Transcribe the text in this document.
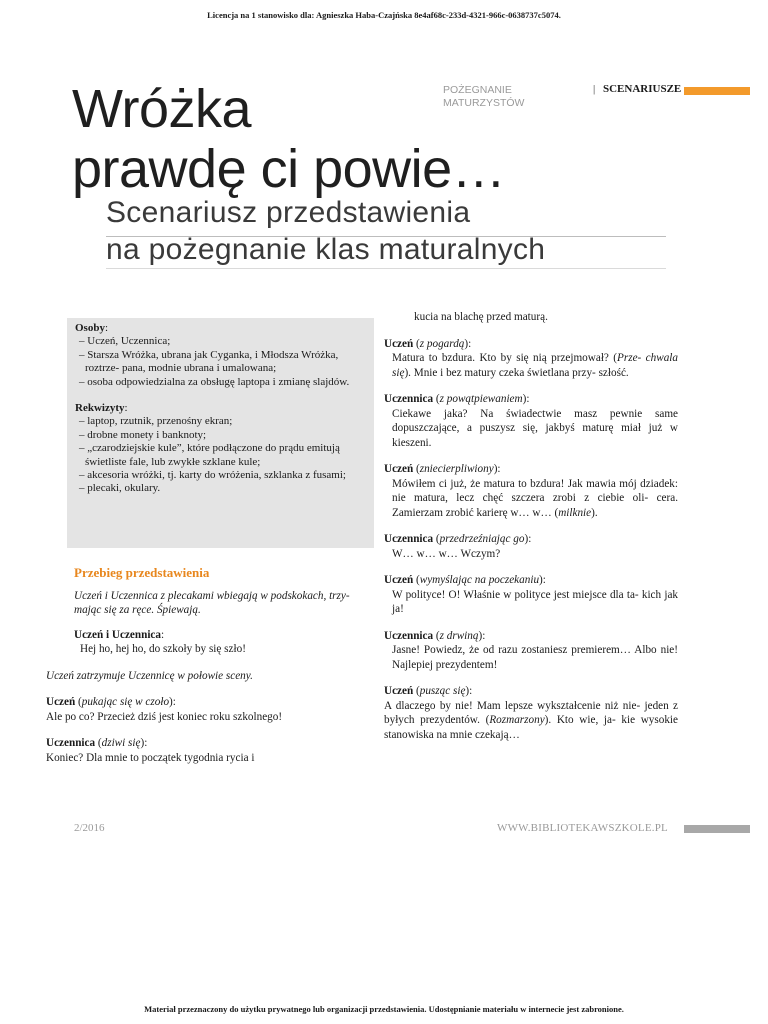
Licencja na 1 stanowisko dla: Agnieszka Haba-Czajńska 8e4af68c-233d-4321-966c-0638737c5074.
POŻEGNANIE
MATURZYSTÓW
| SCENARIUSZE
Wróżka
prawdę ci powie…
Scenariusz przedstawienia
na pożegnanie klas maturalnych
Osoby:
– Uczeń, Uczennica;
– Starsza Wróżka, ubrana jak Cyganka, i Młodsza Wróżka, roztrze- pana, modnie ubrana i umalowana;
– osoba odpowiedzialna za obsługę laptopa i zmianę slajdów.
Rekwizyty:
– laptop, rzutnik, przenośny ekran;
– drobne monety i banknoty;
– „czarodziejskie kule”, które podłączone do prądu emitują świetliste fale, lub zwykłe szklane kule;
– akcesoria wróżki, tj. karty do wróżenia, szklanka z fusami;
– plecaki, okulary.
Przebieg przedstawienia
Uczeń i Uczennica z plecakami wbiegają w podskokach, trzy- mając się za ręce. Śpiewają.
Uczeń i Uczennica:
Hej ho, hej ho, do szkoły by się szło!
Uczeń zatrzymuje Uczennicę w połowie sceny.
Uczeń (pukając się w czoło):
Ale po co? Przecież dziś jest koniec roku szkolnego!
Uczennica (dziwi się):
Koniec? Dla mnie to początek tygodnia rycia i
kucia na blachę przed maturą.
Uczeń (z pogardą):
Matura to bzdura. Kto by się nią przejmował? (Prze- chwala się). Mnie i bez matury czeka świetlana przy- szłość.
Uczennica (z powątpiewaniem):
Ciekawe jaka? Na świadectwie masz pewnie same dopuszczające, a puszysz się, jakbyś maturę miał już w kieszeni.
Uczeń (zniecierpliwiony):
Mówiłem ci już, że matura to bzdura! Jak mawia mój dziadek: nie matura, lecz chęć szczera zrobi z ciebie oli- cera. Zamierzam zrobić karierę w… w… (milknie).
Uczennica (przedrzeźniając go):
W… w… w… Wczym?
Uczeń (wymyślając na poczekaniu):
W polityce! O! Właśnie w polityce jest miejsce dla ta- kich jak ja!
Uczennica (z drwiną):
Jasne! Powiedz, że od razu zostaniesz premierem… Albo nie! Najlepiej prezydentem!
Uczeń (pusząc się):
A dlaczego by nie! Mam lepsze wykształcenie niż nie- jeden z byłych prezydentów. (Rozmarzony). Kto wie, ja- kie wysokie stanowiska na mnie czekają…
2/2016	WWW.BIBLIOTEKAWSZKOLE.PL
Materiał przeznaczony do użytku prywatnego lub organizacji przedstawienia. Udostępnianie materiału w internecie jest zabronione.
